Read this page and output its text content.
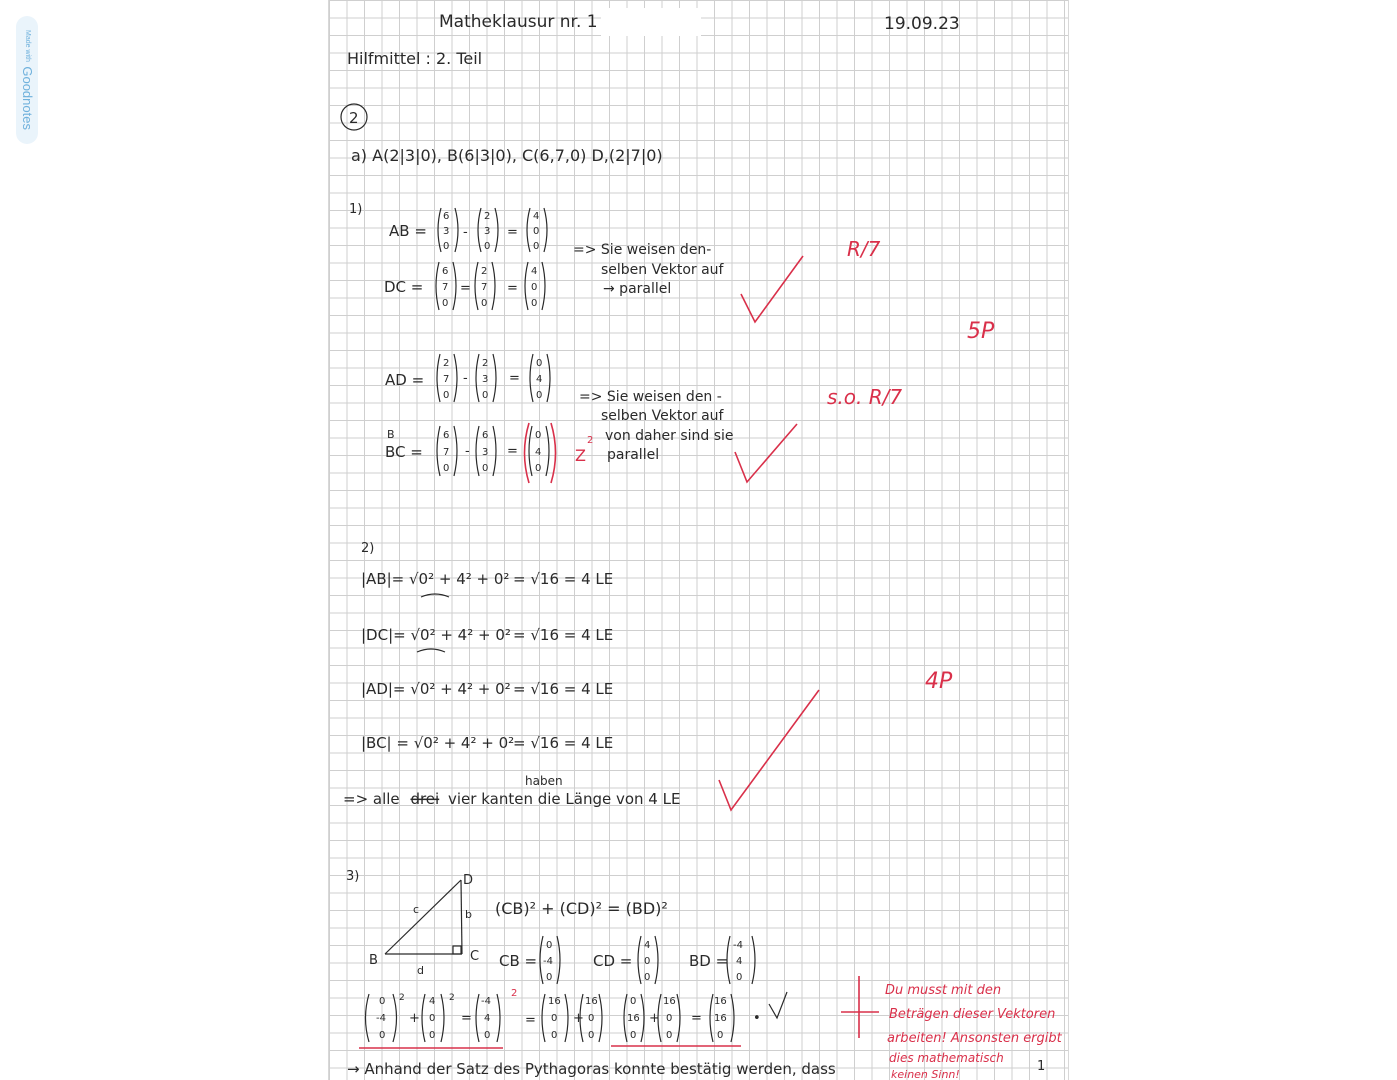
Made with Goodnotes
Matheklausur nr. 1	19.09.23
Hilfmittel : 2. Teil
2
a) A(2|3|0), B(6|3|0), C(6,7,0) D,(2|7|0)
1)
AB =
6
3
0
-
2
3
0
=
4
0
0
DC =
6
7
0
=
2
7
0
=
4
0
0
=> Sie weisen den-
selben Vektor auf
→ parallel
AD =
2
7
0
-
2
3
0
=
0
4
0
B
BC =
6
7
0
-
6
3
0
=
0
4
0
Z
2
=> Sie weisen den -
selben Vektor auf
von daher sind sie
parallel
2)
|AB|= √0² + 4² + 0² = √16 = 4 LE
|DC|= √0² + 4² + 0² = √16 = 4 LE
|AD|= √0² + 4² + 0² = √16 = 4 LE
|BC| = √0² + 4² + 0²
= √16 = 4 LE
haben
=> alle drei vier kanten die Länge von 4 LE
3)
B
D
C
b
c
d
(CB)² + (CD)² = (BD)²
CB =
0
-4
0
CD =
4
0
0
BD =
-4
4
0
0
-4
0
2
+
4
0
0
2
=
-4
4
0
2
=
16
0
0
+
16
0
0
0
16
0
+
16
0
0
=
16
16
0
•
→ Anhand der Satz des Pythagoras konnte bestätig werden, dass	1
R/7
5P
s.o. R/7
4P
Du musst mit den
Beträgen dieser Vektoren
arbeiten! Ansonsten ergibt
dies mathematisch
keinen Sinn!
